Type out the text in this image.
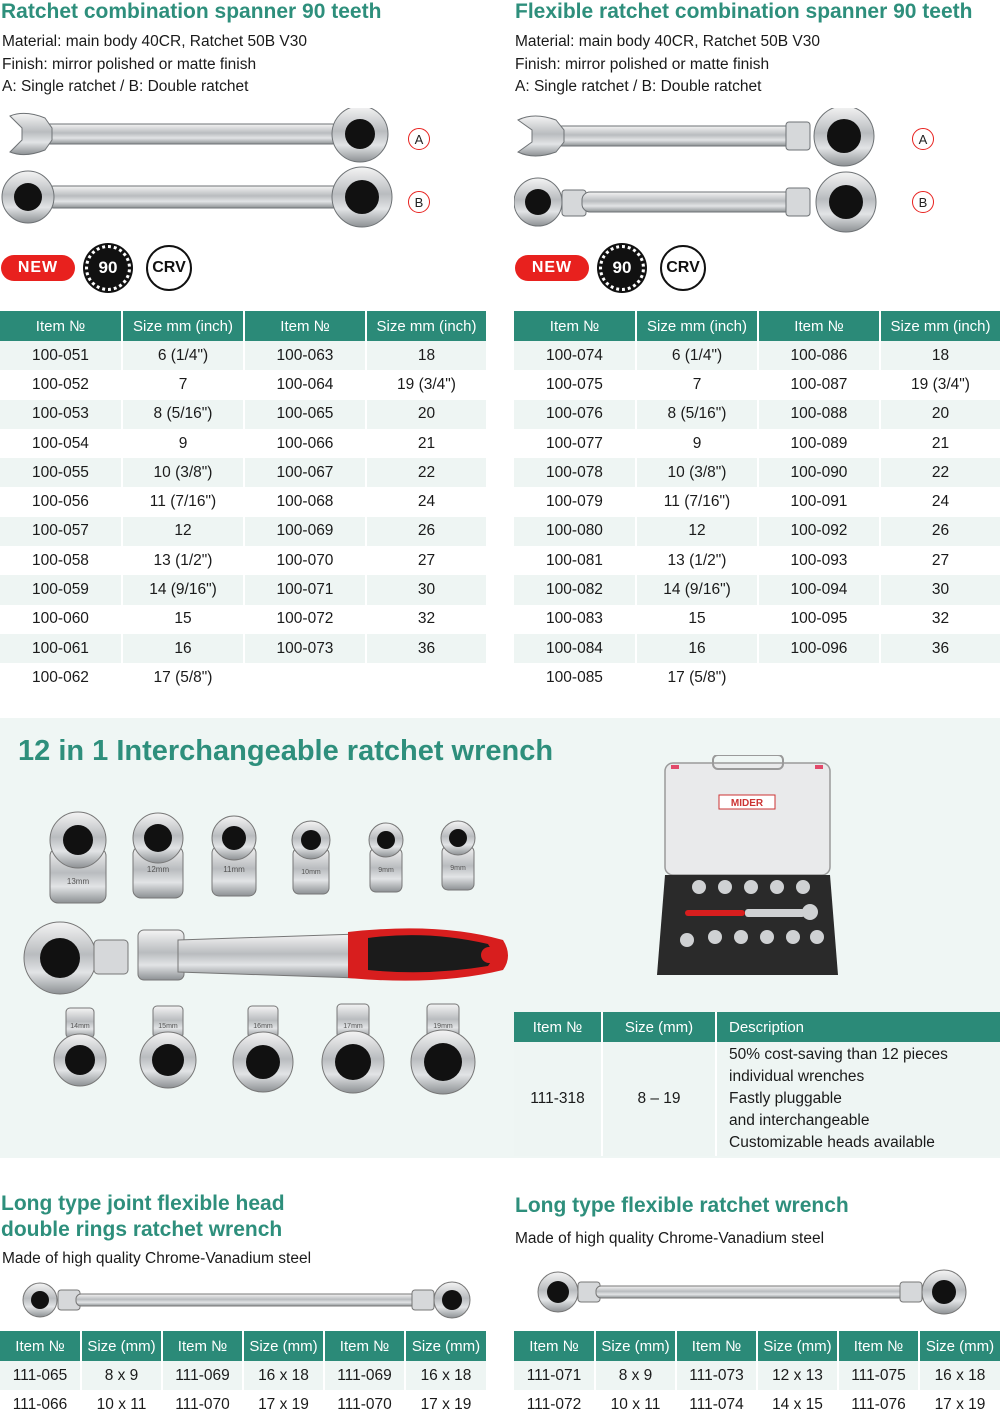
Ratchet combination spanner 90 teeth
Material: main body 40CR, Ratchet 50B V30
Finish: mirror polished or matte finish
A: Single ratchet / B: Double ratchet
A
B
NEW	90	CRV
Item №	Size mm (inch)	Item №	Size mm (inch)
100-051	6 (1/4")	100-063	18
100-052	7	100-064	19 (3/4")
100-053	8 (5/16")	100-065	20
100-054	9	100-066	21
100-055	10 (3/8")	100-067	22
100-056	11 (7/16")	100-068	24
100-057	12	100-069	26
100-058	13 (1/2")	100-070	27
100-059	14 (9/16")	100-071	30
100-060	15	100-072	32
100-061	16	100-073	36
100-062	17 (5/8")		
Flexible ratchet combination spanner 90 teeth
Material: main body 40CR, Ratchet 50B V30
Finish: mirror polished or matte finish
A: Single ratchet / B: Double ratchet
A
B
NEW	90	CRV
Item №	Size mm (inch)	Item №	Size mm (inch)
100-074	6 (1/4")	100-086	18
100-075	7	100-087	19 (3/4")
100-076	8 (5/16")	100-088	20
100-077	9	100-089	21
100-078	10 (3/8")	100-090	22
100-079	11 (7/16")	100-091	24
100-080	12	100-092	26
100-081	13 (1/2")	100-093	27
100-082	14 (9/16")	100-094	30
100-083	15	100-095	32
100-084	16	100-096	36
100-085	17 (5/8")		
12 in 1 Interchangeable ratchet wrench
13mm
12mm	11mm	10mm	9mm	9mm
14mm	15mm	16mm	17mm	19mm
MIDER
Item №	Size (mm)	Description
111-318	8 – 19	50% cost-saving than 12 pieces
individual wrenches
Fastly pluggable
and interchangeable
Customizable heads available
Long type joint flexible head
double rings ratchet wrench
Made of high quality Chrome-Vanadium steel
Item №	Size (mm)	Item №	Size (mm)	Item №	Size (mm)
111-065	8 x 9	111-069	16 x 18	111-069	16 x 18
111-066	10 x 11	111-070	17 x 19	111-070	17 x 19
Long type flexible ratchet wrench
Made of high quality Chrome-Vanadium steel
Item №	Size (mm)	Item №	Size (mm)	Item №	Size (mm)
111-071	8 x 9	111-073	12 x 13	111-075	16 x 18
111-072	10 x 11	111-074	14 x 15	111-076	17 x 19
